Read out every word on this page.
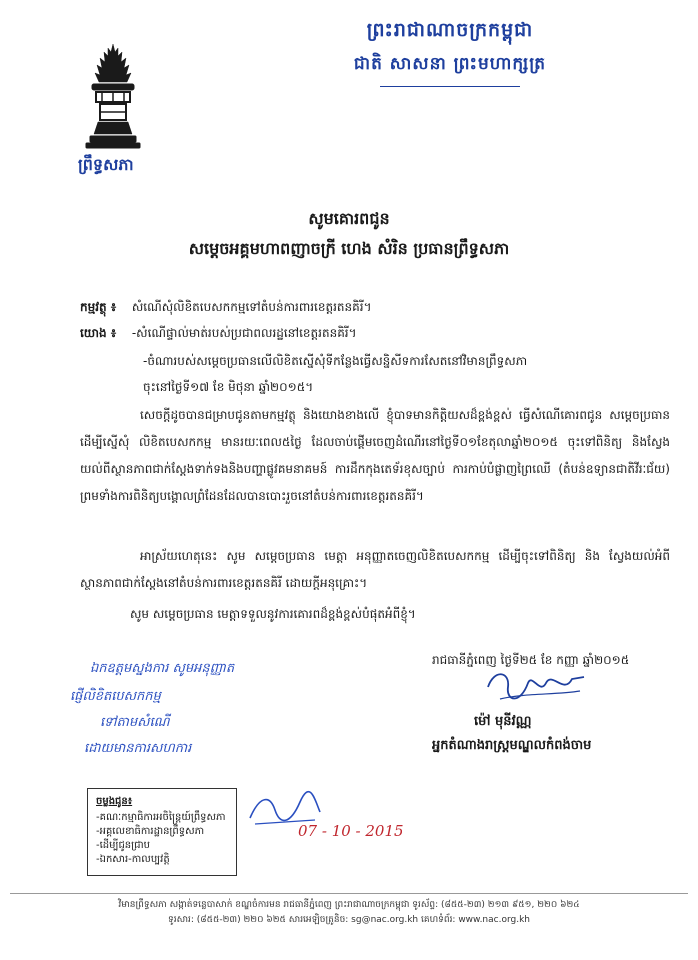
ព្រឹទ្ធសភា
ព្រះរាជាណាចក្រកម្ពុជា
ជាតិ សាសនា ព្រះមហាក្សត្រ
សូមគោរពជូន
សម្តេចអគ្គមហាពញាចក្រី ហេង សំរិន ប្រធានព្រឹទ្ធសភា
កម្មវត្ថុ ៖ សំណើសុំលិខិតបេសកកម្មទៅតំបន់ការពារខេត្តរតនគិរី។
យោង ៖ -សំណើផ្ទាល់មាត់របស់ប្រជាពលរដ្ឋនៅខេត្តរតនគិរី។
-ចំណារបស់សម្តេចប្រធានលើលិខិតស្នើសុំទីកន្លែងធ្វើសន្និសីទការសែតនៅវិមានព្រឹទ្ធសភា
ចុះនៅថ្ងៃទី១៧ ខែ មិថុនា ឆ្នាំ២០១៥។
សេចក្តីដូចបានជម្រាបជូនតាមកម្មវត្ថុ និងយោងខាងលើ ខ្ញុំបាទមានកិត្តិយសដ៏ខ្ពង់ខ្ពស់ ធ្វើសំណើគោរពជូន សម្តេចប្រធាន ដើម្បីស្នើសុំ លិខិតបេសកកម្ម មានរយៈពេល៥ថ្ងៃ ដែលចាប់ផ្តើមចេញដំណើរនៅថ្ងៃទី០១ខែតុលាឆ្នាំ២០១៥ ចុះទៅពិនិត្យ និងស្វែងយល់ពីស្ថានភាពជាក់ស្តែងទាក់ទងនិងបញ្ហាផ្លូវគមនាគមន៍ ការដឹកកុងតេទ័រខុសច្បាប់ ការកាប់បំផ្លាញព្រៃឈើ (តំបន់ឧទ្យានជាតិវីរៈជ័យ) ព្រមទាំងការពិនិត្យបង្គោលព្រំដែនដែលបានបោះរួចនៅតំបន់ការពារខេត្តរតនគិរី។
អាស្រ័យហេតុនេះ សូម សម្តេចប្រធាន មេត្តា អនុញ្ញាតចេញលិខិតបេសកកម្ម ដើម្បីចុះទៅពិនិត្យ និង ស្វែងយល់អំពីស្ថានភាពជាក់ស្តែងនៅតំបន់ការពារខេត្តរតនគិរី ដោយក្តីអនុគ្រោះ។
សូម សម្តេចប្រធាន មេត្តាទទួលនូវការគោរពដ៏ខ្ពង់ខ្ពស់បំផុតអំពីខ្ញុំ។
រាជធានីភ្នំពេញ ថ្ងៃទី២៥ ខែ កញ្ញា ឆ្នាំ២០១៥
ឯកឧត្តមស្នងការ សូមអនុញ្ញាត
ផ្ញើលិខិតបេសកកម្ម
ទៅតាមសំណើ
ដោយមានការសហការ
07 - 10 - 2015
ម៉ៅ មុនីវណ្ណ
អ្នកតំណាងរាស្ត្រមណ្ឌលកំពង់ចាម
ចម្លងជូន៖
-គណៈកម្មាធិការអចិន្ត្រៃយ៍ព្រឹទ្ធសភា
-អគ្គលេខាធិការដ្ឋានព្រឹទ្ធសភា
-ដើម្បីជូនជ្រាប
-ឯកសារ-កាលប្បវត្តិ
វិមានព្រឹទ្ធសភា សង្កាត់ទន្លេបាសាក់ ខណ្ឌចំការមន រាជធានីភ្នំពេញ ព្រះរាជាណាចក្រកម្ពុជា ទូរស័ព្ទ: (៨៥៥-២៣) ២១៣ ៩៥១, ២២០ ៦២៤
ទូរសារ: (៨៥៥-២៣) ២២០ ៦២៥ សារអេឡិចត្រូនិច: sg@nac.org.kh គេហទំព័រ: www.nac.org.kh
